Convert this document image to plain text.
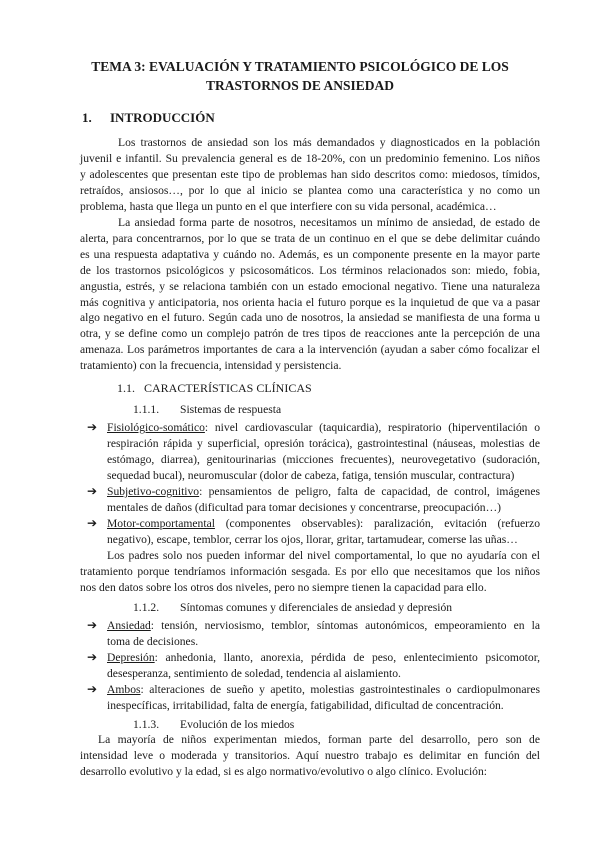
TEMA 3: EVALUACIÓN Y TRATAMIENTO PSICOLÓGICO DE LOS
TRASTORNOS DE ANSIEDAD
1. INTRODUCCIÓN
Los trastornos de ansiedad son los más demandados y diagnosticados en la población
juvenil e infantil. Su prevalencia general es de 18-20%, con un predominio femenino. Los niños
y adolescentes que presentan este tipo de problemas han sido descritos como: miedosos, tímidos,
retraídos, ansiosos…, por lo que al inicio se plantea como una característica y no como un
problema, hasta que llega un punto en el que interfiere con su vida personal, académica…
La ansiedad forma parte de nosotros, necesitamos un mínimo de ansiedad, de estado de
alerta, para concentrarnos, por lo que se trata de un continuo en el que se debe delimitar cuándo
es una respuesta adaptativa y cuándo no. Además, es un componente presente en la mayor parte
de los trastornos psicológicos y psicosomáticos. Los términos relacionados son: miedo, fobia,
angustia, estrés, y se relaciona también con un estado emocional negativo. Tiene una naturaleza
más cognitiva y anticipatoria, nos orienta hacia el futuro porque es la inquietud de que va a pasar
algo negativo en el futuro. Según cada uno de nosotros, la ansiedad se manifiesta de una forma u
otra, y se define como un complejo patrón de tres tipos de reacciones ante la percepción de una
amenaza. Los parámetros importantes de cara a la intervención (ayudan a saber cómo focalizar el
tratamiento) con la frecuencia, intensidad y persistencia.
1.1. CARACTERÍSTICAS CLÍNICAS
1.1.1. Sistemas de respuesta
➔ Fisiológico-somático: nivel cardiovascular (taquicardia), respiratorio (hiperventilación o
respiración rápida y superficial, opresión torácica), gastrointestinal (náuseas, molestias de
estómago, diarrea), genitourinarias (micciones frecuentes), neurovegetativo (sudoración,
sequedad bucal), neuromuscular (dolor de cabeza, fatiga, tensión muscular, contractura)
➔ Subjetivo-cognitivo: pensamientos de peligro, falta de capacidad, de control, imágenes
mentales de daños (dificultad para tomar decisiones y concentrarse, preocupación…)
➔ Motor-comportamental (componentes observables): paralización, evitación (refuerzo
negativo), escape, temblor, cerrar los ojos, llorar, gritar, tartamudear, comerse las uñas…
Los padres solo nos pueden informar del nivel comportamental, lo que no ayudaría con el
tratamiento porque tendríamos información sesgada. Es por ello que necesitamos que los niños
nos den datos sobre los otros dos niveles, pero no siempre tienen la capacidad para ello.
1.1.2. Síntomas comunes y diferenciales de ansiedad y depresión
➔ Ansiedad: tensión, nerviosismo, temblor, síntomas autonómicos, empeoramiento en la
toma de decisiones.
➔ Depresión: anhedonia, llanto, anorexia, pérdida de peso, enlentecimiento psicomotor,
desesperanza, sentimiento de soledad, tendencia al aislamiento.
➔ Ambos: alteraciones de sueño y apetito, molestias gastrointestinales o cardiopulmonares
inespecíficas, irritabilidad, falta de energía, fatigabilidad, dificultad de concentración.
1.1.3. Evolución de los miedos
La mayoría de niños experimentan miedos, forman parte del desarrollo, pero son de
intensidad leve o moderada y transitorios. Aquí nuestro trabajo es delimitar en función del
desarrollo evolutivo y la edad, si es algo normativo/evolutivo o algo clínico. Evolución:
